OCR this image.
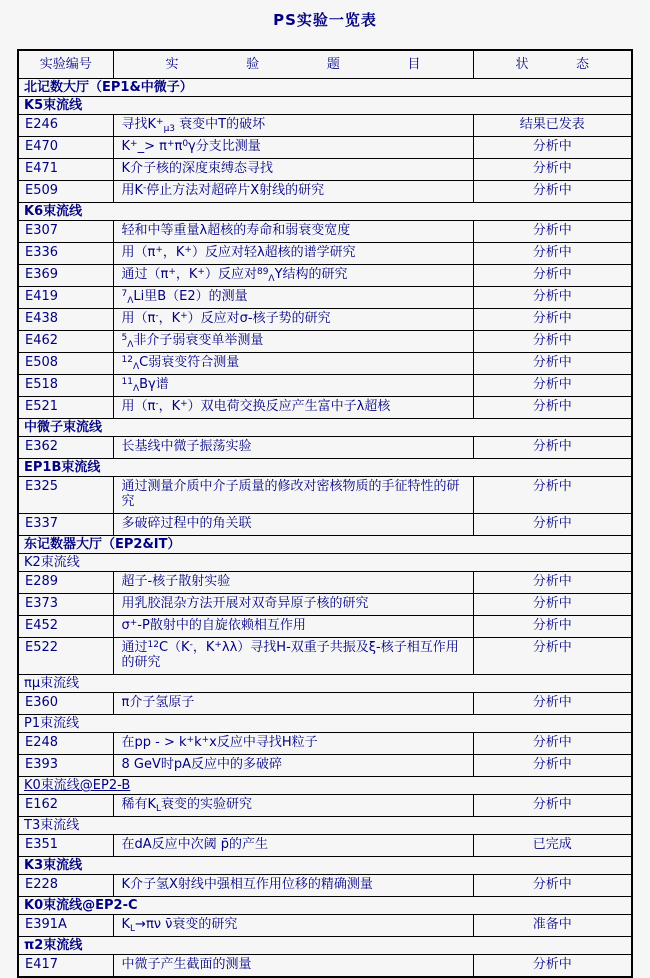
PS实验一览表
实验编号	实验题目	状态
北记数大厅（EP1&中微子）		
K5束流线		
E246	寻找$K^+_{\mu 3}$ 衰变中T的破坏	结果已发表
E470	K+_> $\pi^+\pi^0\gamma$分支比测量	分析中
E471	K介子核的深度束缚态寻找	分析中
E509	用K-停止方法对超碎片X射线的研究	分析中
K6束流线		
E307	轻和中等重量λ超核的寿命和弱衰变宽度	分析中
E336	用（π+，K+）反应对轻λ超核的谱学研究	分析中
E369	通过（π+，K+）反应对$^{89}_\Lambda$Y结构的研究	分析中
E419	$^7_\Lambda$Li里B（E2）的测量	分析中
E438	用（π-，K+）反应对σ-核子势的研究	分析中
E462	$^5_\Lambda$非介子弱衰变单举测量	分析中
E508	$^{12}_\Lambda$C弱衰变符合测量	分析中
E518	$^{11}_\Lambda$Bγ谱	分析中
E521	用（π-，K+）双电荷交换反应产生富中子λ超核	分析中
中微子束流线		
E362	长基线中微子振荡实验	分析中
EP1B束流线		
E325	通过测量介质中介子质量的修改对密核物质的手征特性的研究	分析中
E337	多破碎过程中的角关联	分析中
东记数器大厅（EP2&IT）		
K2束流线		
E289	超子-核子散射实验	分析中
E373	用乳胶混杂方法开展对双奇异原子核的研究	分析中
E452	σ+-P散射中的自旋依赖相互作用	分析中
E522	通过$^{12}$C（K-，K+λλ）寻找H-双重子共振及ξ-核子相互作用的研究	分析中
πμ束流线		
E360	π介子氢原子	分析中
P1束流线		
E248	在pp - > k+k+x反应中寻找H粒子	分析中
E393	8 GeV时pA反应中的多破碎	分析中
K0束流线@EP2-B		
E162	稀有$K_L$衰变的实验研究	分析中
T3束流线		
E351	在dA反应中次阈 p̄的产生	已完成
K3束流线		
E228	K介子氢X射线中强相互作用位移的精确测量	分析中
K0束流线@EP2-C		
E391A	$K_L\to\pi\nu$ ν̄衰变的研究	准备中
π2束流线		
E417	中微子产生截面的测量	分析中
